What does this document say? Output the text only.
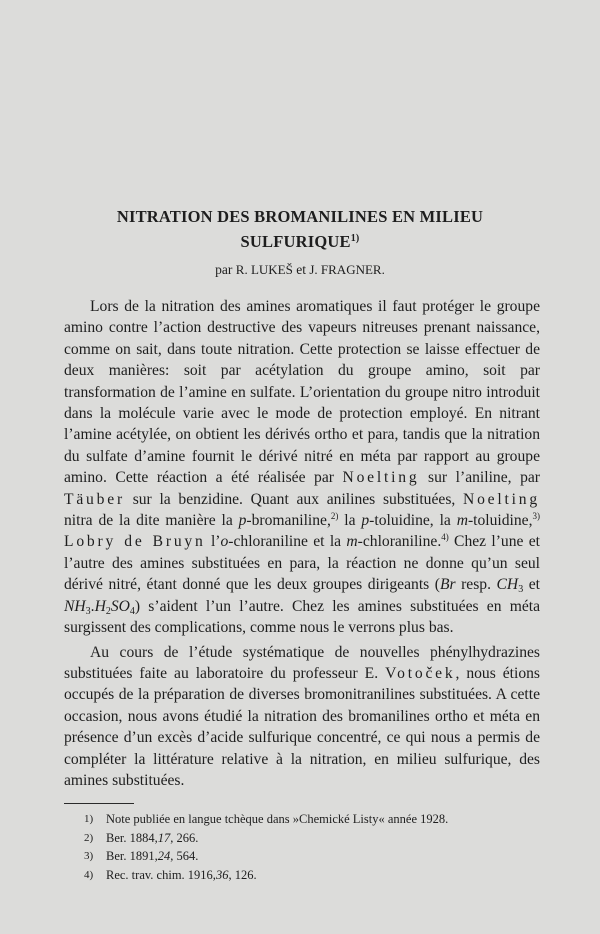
NITRATION DES BROMANILINES EN MILIEU
SULFURIQUE$^{1)}$
par R. LUKEŠ et J. FRAGNER.

Lors de la nitration des amines aromatiques il faut protéger le groupe amino contre l’action destructive des vapeurs nitreuses prenant naissance, comme on sait, dans toute nitration. Cette protection se laisse effectuer de deux manières: soit par acétylation du groupe amino, soit par transformation de l’amine en sulfate. L’orientation du groupe nitro introduit dans la molécule varie avec le mode de protection employé. En nitrant l’amine acétylée, on obtient les dérivés ortho et para, tandis que la nitration du sulfate d’amine fournit le dérivé nitré en méta par rapport au groupe amino. Cette réaction a été réalisée par Noelting sur l’aniline, par Täuber sur la benzidine. Quant aux anilines substituées, Noelting nitra de la dite manière la p-bromaniline,$^{2)}$ la p-toluidine, la m-toluidine,$^{3)}$ Lobry de Bruyn l’o-chloraniline et la m-chloraniline.$^{4)}$ Chez l’une et l’autre des amines substituées en para, la réaction ne donne qu’un seul dérivé nitré, étant donné que les deux groupes dirigeants (Br resp. $CH_3$ et $NH_3.H_2SO_4$) s’aident l’un l’autre. Chez les amines substituées en méta surgissent des complications, comme nous le verrons plus bas.

Au cours de l’étude systématique de nouvelles phénylhydrazines substituées faite au laboratoire du professeur E. Votoček, nous étions occupés de la préparation de diverses bromonitranilines substituées. A cette occasion, nous avons étudié la nitration des bromanilines ortho et méta en présence d’un excès d’acide sulfurique concentré, ce qui nous a permis de compléter la littérature relative à la nitration, en milieu sulfurique, des amines substituées.

1)	Note publiée en langue tchèque dans »Chemické Listy« année 1928.
2)	Ber. 1884, 17 , 266.
3)	Ber. 1891, 24 , 564.
4)	Rec. trav. chim. 1916, 36 , 126.
